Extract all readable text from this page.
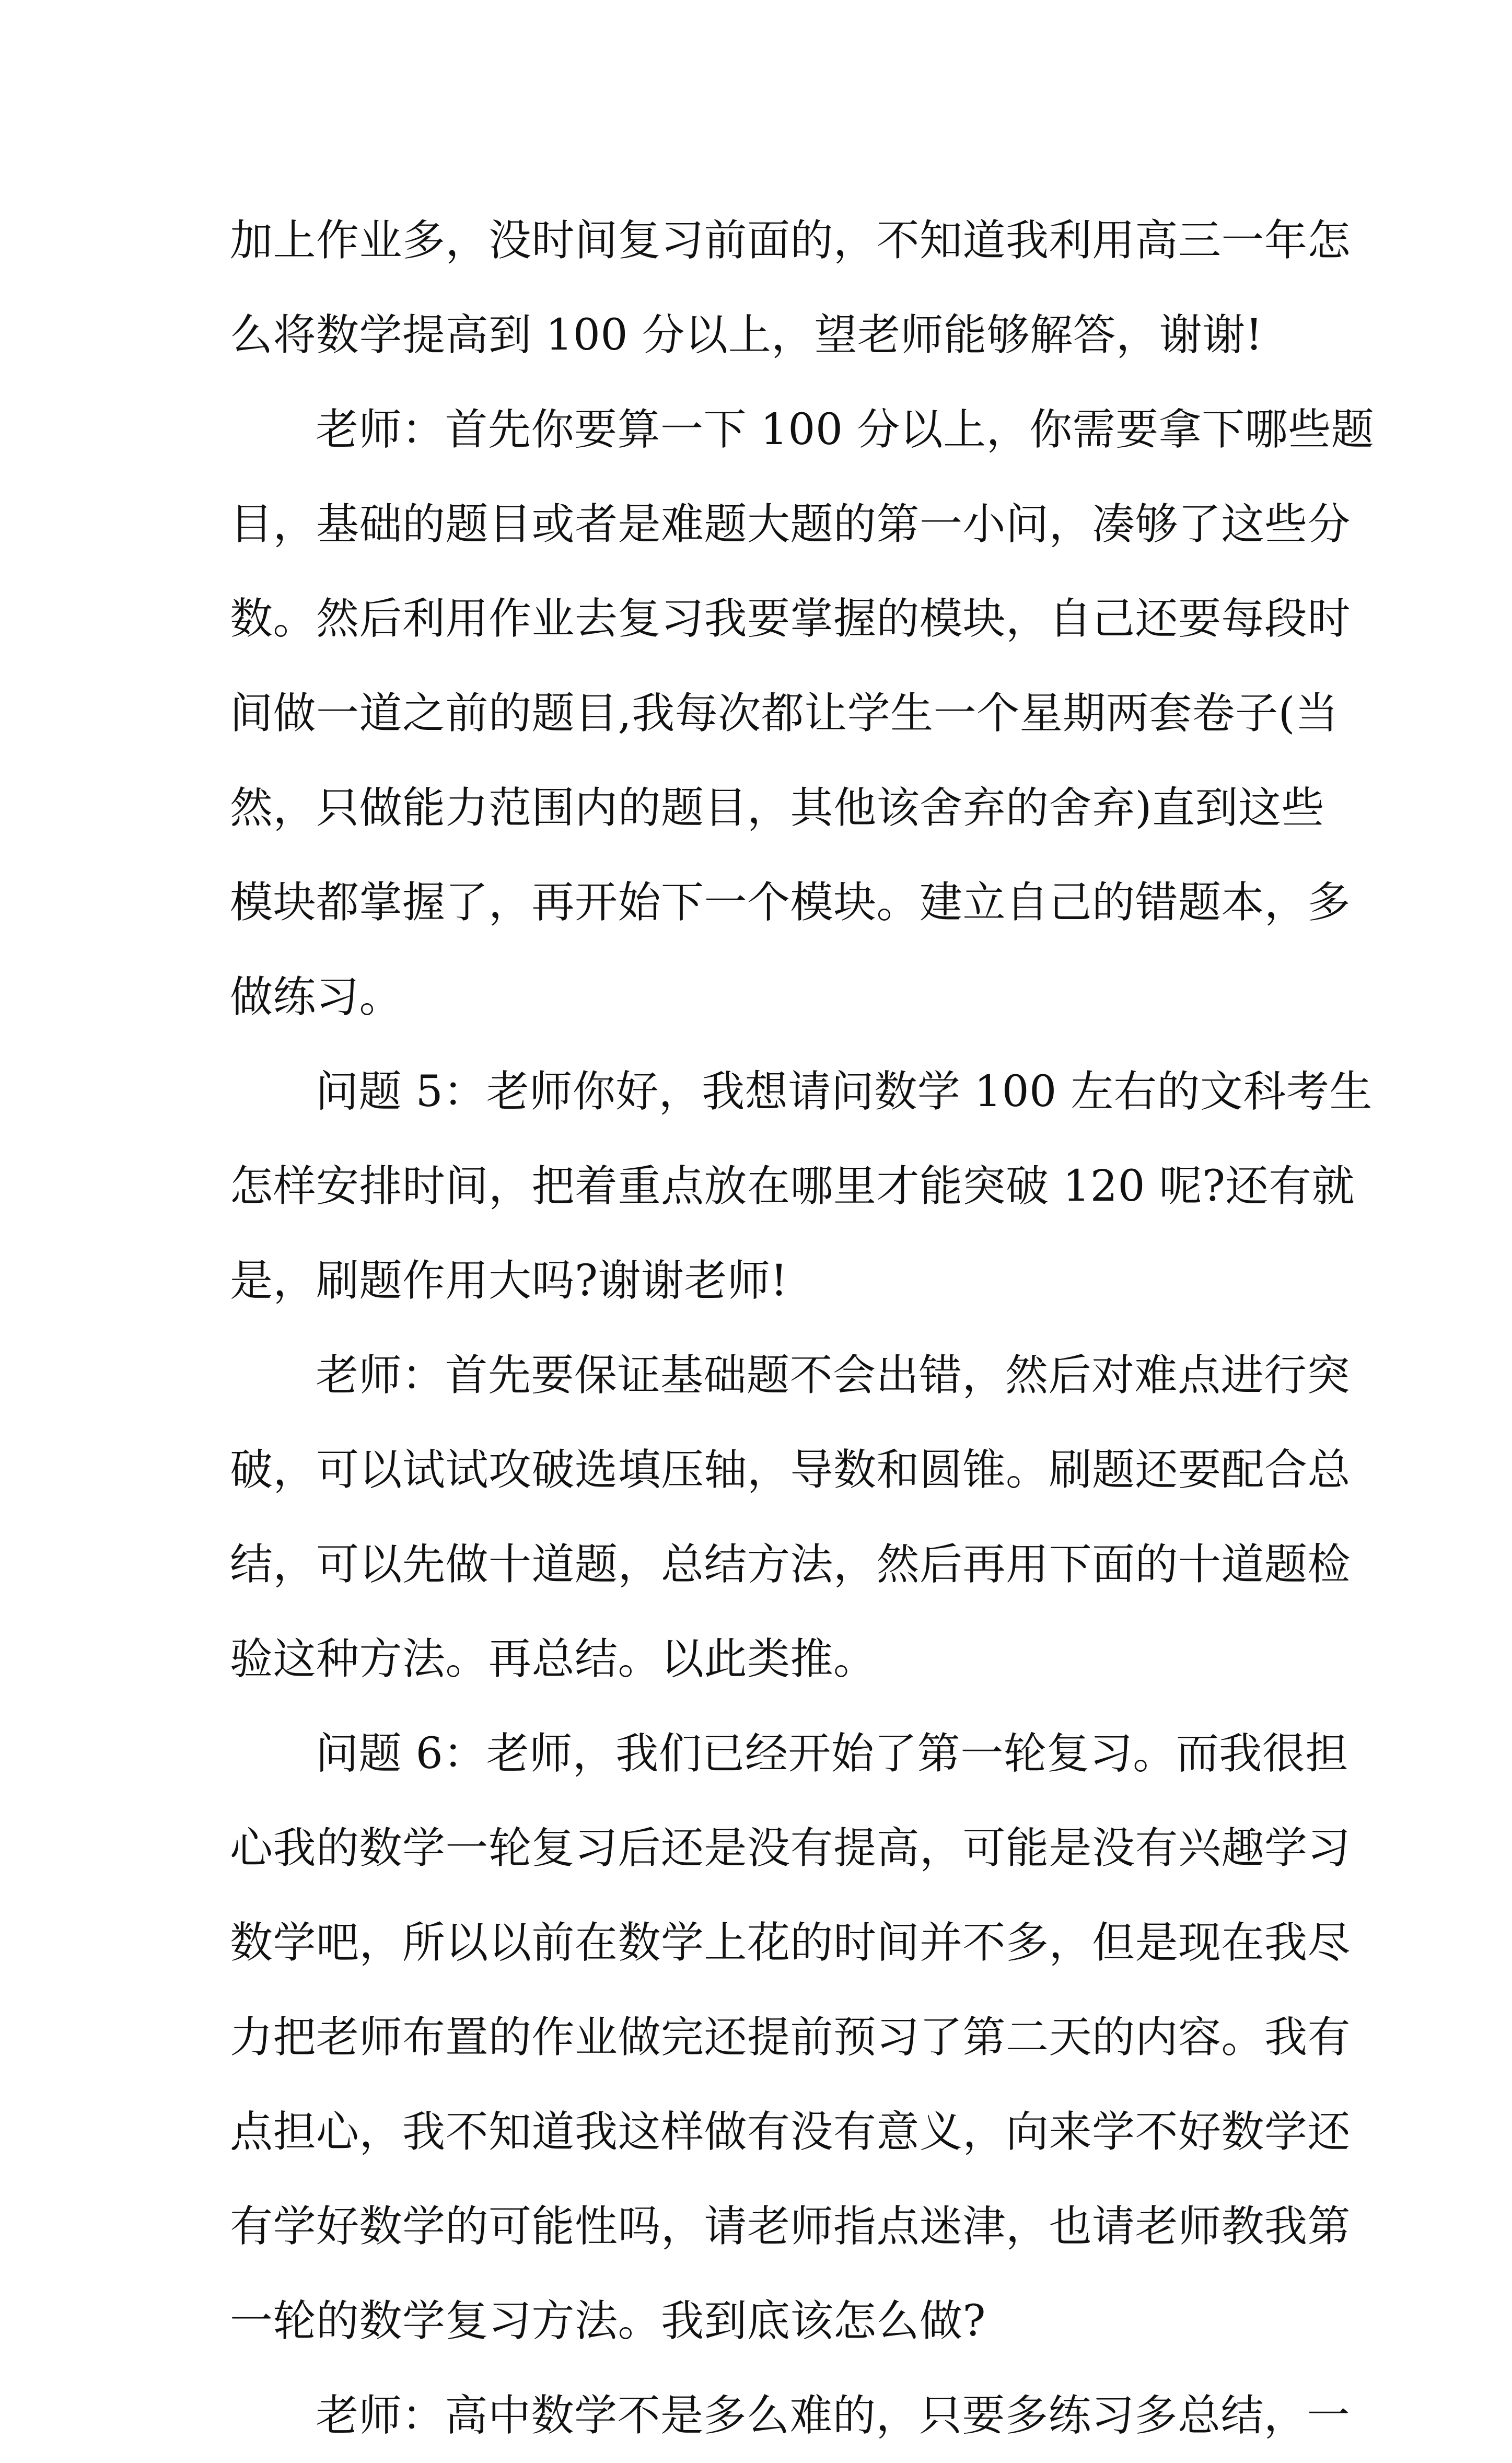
加上作业多，没时间复习前面的，不知道我利用高三一年怎
么将数学提高到 100 分以上，望老师能够解答，谢谢!
老师：首先你要算一下 100 分以上，你需要拿下哪些题
目，基础的题目或者是难题大题的第一小问，凑够了这些分
数。然后利用作业去复习我要掌握的模块，自己还要每段时
间做一道之前的题目,我每次都让学生一个星期两套卷子(当
然，只做能力范围内的题目，其他该舍弃的舍弃)直到这些
模块都掌握了，再开始下一个模块。建立自己的错题本，多
做练习。
问题 5：老师你好，我想请问数学 100 左右的文科考生
怎样安排时间，把着重点放在哪里才能突破 120 呢?还有就
是，刷题作用大吗?谢谢老师!
老师：首先要保证基础题不会出错，然后对难点进行突
破，可以试试攻破选填压轴，导数和圆锥。刷题还要配合总
结，可以先做十道题，总结方法，然后再用下面的十道题检
验这种方法。再总结。以此类推。
问题 6：老师，我们已经开始了第一轮复习。而我很担
心我的数学一轮复习后还是没有提高，可能是没有兴趣学习
数学吧，所以以前在数学上花的时间并不多，但是现在我尽
力把老师布置的作业做完还提前预习了第二天的内容。我有
点担心，我不知道我这样做有没有意义，向来学不好数学还
有学好数学的可能性吗，请老师指点迷津，也请老师教我第
一轮的数学复习方法。我到底该怎么做?
老师：高中数学不是多么难的，只要多练习多总结，一
